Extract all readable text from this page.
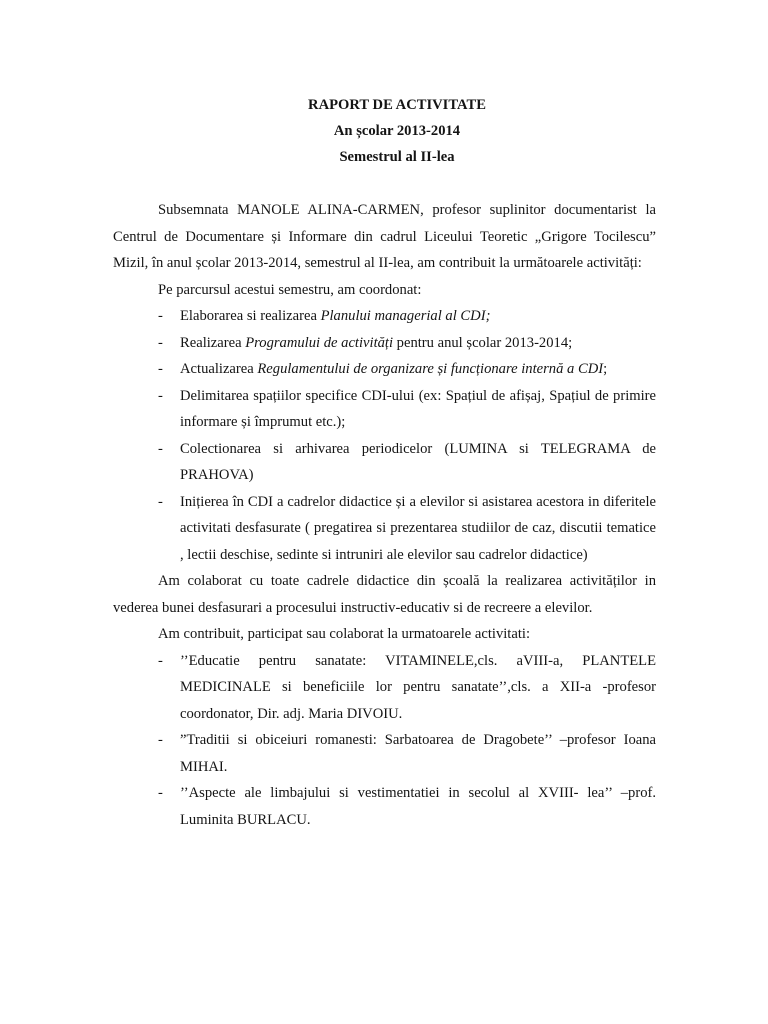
RAPORT DE ACTIVITATE
An școlar 2013-2014
Semestrul al II-lea

Subsemnata MANOLE ALINA-CARMEN, profesor suplinitor documentarist la Centrul de Documentare și Informare din cadrul Liceului Teoretic „Grigore Tocilescu” Mizil, în anul școlar 2013-2014, semestrul al II-lea, am contribuit la următoarele activități:

Pe parcursul acestui semestru, am coordonat:

- Elaborarea si realizarea Planului managerial al CDI;
- Realizarea Programului de activități pentru anul școlar 2013-2014;
- Actualizarea Regulamentului de organizare și funcționare internă a CDI;
- Delimitarea spațiilor specifice CDI-ului (ex: Spațiul de afișaj, Spațiul de primire informare și împrumut etc.);
- Colectionarea si arhivarea periodicelor (LUMINA si TELEGRAMA de PRAHOVA)
- Inițierea în CDI a cadrelor didactice și a elevilor si asistarea acestora in diferitele activitati desfasurate ( pregatirea si prezentarea studiilor de caz, discutii tematice , lectii deschise, sedinte si intruniri ale elevilor sau cadrelor didactice)

Am colaborat cu toate cadrele didactice din școală la realizarea activităților in vederea bunei desfasurari a procesului instructiv-educativ si de recreere a elevilor.

Am contribuit, participat sau colaborat la urmatoarele activitati:

- ’’Educatie pentru sanatate: VITAMINELE,cls. aVIII-a, PLANTELE MEDICINALE si beneficiile lor pentru sanatate’’,cls. a XII-a -profesor coordonator, Dir. adj. Maria DIVOIU.
- ”Traditii si obiceiuri romanesti: Sarbatoarea de Dragobete’’ –profesor Ioana MIHAI.
- ’’Aspecte ale limbajului si vestimentatiei in secolul al XVIII- lea’’ –prof. Luminita BURLACU.
